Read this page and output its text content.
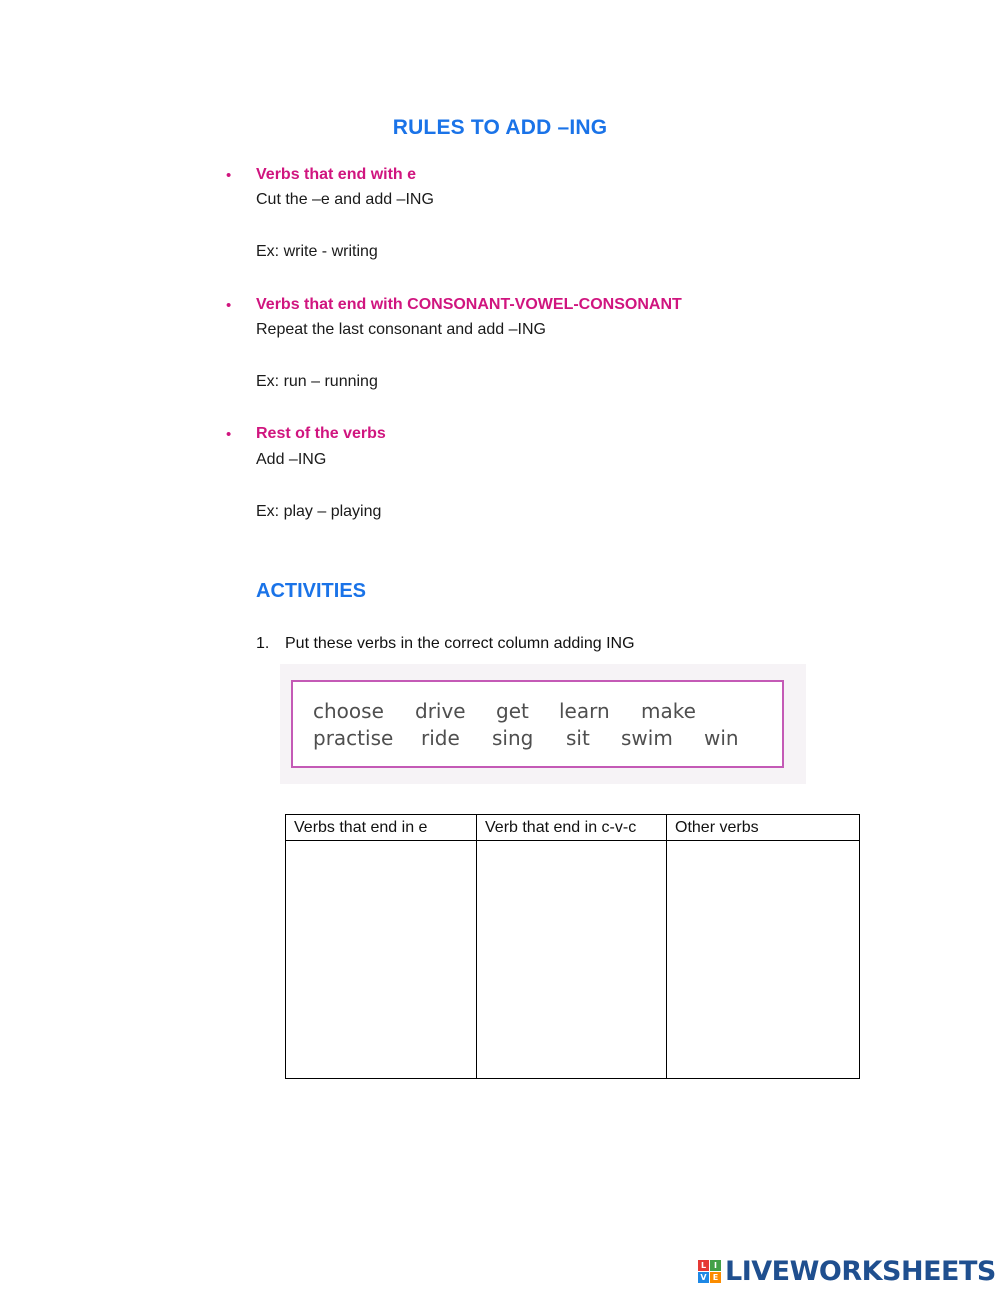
RULES TO ADD –ING
• Verbs that end with e
Cut the –e and add –ING
Ex: write - writing
• Verbs that end with CONSONANT-VOWEL-CONSONANT
Repeat the last consonant and add –ING
Ex: run – running
• Rest of the verbs
Add –ING
Ex: play – playing
ACTIVITIES
1. Put these verbs in the correct column adding ING
choose drive get learn make
practise ride sing sit swim win
Verbs that end in e	Verb that end in c-v-c	Other verbs

L I
V E LIVEWORKSHEETS
